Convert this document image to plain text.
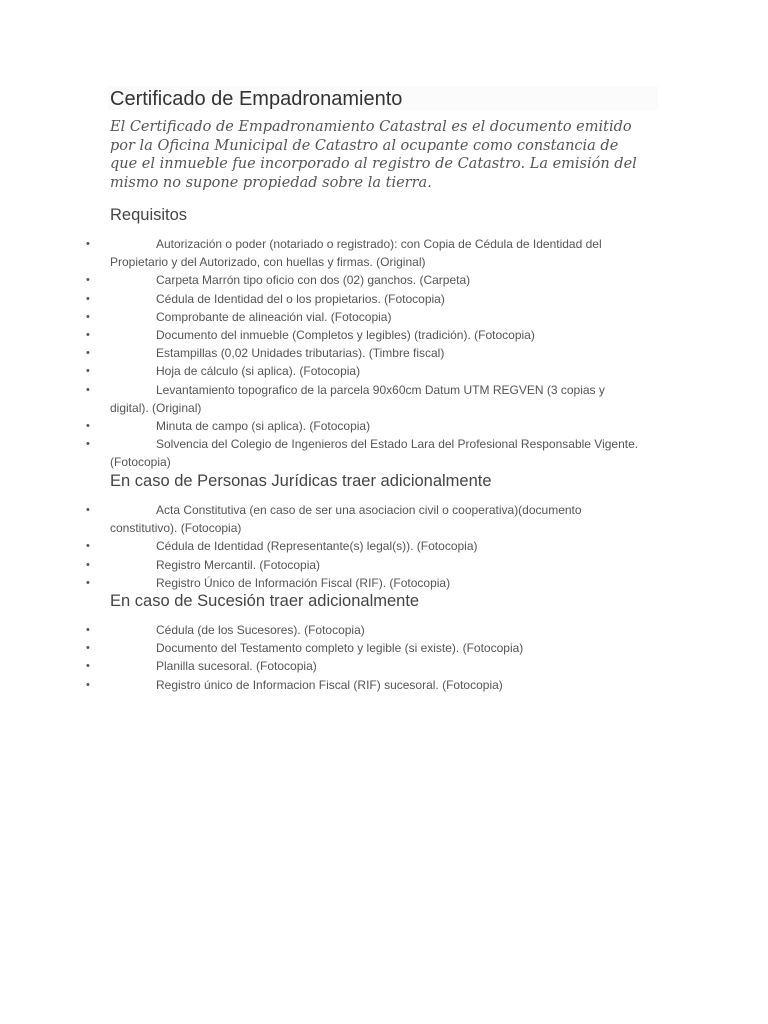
Certificado de Empadronamiento

El Certificado de Empadronamiento Catastral es el documento emitido por la Oficina Municipal de Catastro al ocupante como constancia de que el inmueble fue incorporado al registro de Catastro. La emisión del mismo no supone propiedad sobre la tierra.

Requisitos
•	Autorización o poder (notariado o registrado): con Copia de Cédula de Identidad del Propietario y del Autorizado, con huellas y firmas. (Original)
•	Carpeta Marrón tipo oficio con dos (02) ganchos. (Carpeta)
•	Cédula de Identidad del o los propietarios. (Fotocopia)
•	Comprobante de alineación vial. (Fotocopia)
•	Documento del inmueble (Completos y legibles) (tradición). (Fotocopia)
•	Estampillas (0,02 Unidades tributarias). (Timbre fiscal)
•	Hoja de cálculo (si aplica). (Fotocopia)
•	Levantamiento topografico de la parcela 90x60cm Datum UTM REGVEN (3 copias y digital). (Original)
•	Minuta de campo (si aplica). (Fotocopia)
•	Solvencia del Colegio de Ingenieros del Estado Lara del Profesional Responsable Vigente. (Fotocopia)
En caso de Personas Jurídicas traer adicionalmente
•	Acta Constitutiva (en caso de ser una asociacion civil o cooperativa)(documento constitutivo). (Fotocopia)
•	Cédula de Identidad (Representante(s) legal(s)). (Fotocopia)
•	Registro Mercantil. (Fotocopia)
•	Registro Único de Información Fiscal (RIF). (Fotocopia)
En caso de Sucesión traer adicionalmente
•	Cédula (de los Sucesores). (Fotocopia)
•	Documento del Testamento completo y legible (si existe). (Fotocopia)
•	Planilla sucesoral. (Fotocopia)
•	Registro único de Informacion Fiscal (RIF) sucesoral. (Fotocopia)
